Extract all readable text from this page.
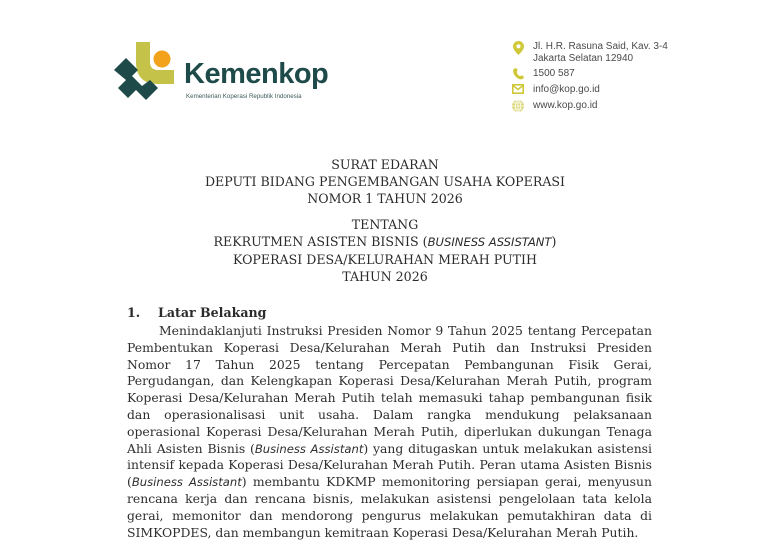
Kemenkop
Kementerian Koperasi Republik Indonesia
Jl. H.R. Rasuna Said, Kav. 3-4
Jakarta Selatan 12940
1500 587
info@kop.go.id
www.kop.go.id
SURAT EDARAN
DEPUTI BIDANG PENGEMBANGAN USAHA KOPERASI
NOMOR 1 TAHUN 2026
TENTANG
REKRUTMEN ASISTEN BISNIS (BUSINESS ASSISTANT)
KOPERASI DESA/KELURAHAN MERAH PUTIH
TAHUN 2026
1. Latar Belakang

Menindaklanjuti Instruksi Presiden Nomor 9 Tahun 2025 tentang Percepatan Pembentukan Koperasi Desa/Kelurahan Merah Putih dan Instruksi Presiden Nomor 17 Tahun 2025 tentang Percepatan Pembangunan Fisik Gerai, Pergudangan, dan Kelengkapan Koperasi Desa/Kelurahan Merah Putih, program Koperasi Desa/Kelurahan Merah Putih telah memasuki tahap pembangunan fisik dan operasionalisasi unit usaha. Dalam rangka mendukung pelaksanaan operasional Koperasi Desa/Kelurahan Merah Putih, diperlukan dukungan Tenaga Ahli Asisten Bisnis (Business Assistant) yang ditugaskan untuk melakukan asistensi intensif kepada Koperasi Desa/Kelurahan Merah Putih. Peran utama Asisten Bisnis (Business Assistant) membantu KDKMP memonitoring persiapan gerai, menyusun rencana kerja dan rencana bisnis, melakukan asistensi pengelolaan tata kelola gerai, memonitor dan mendorong pengurus melakukan pemutakhiran data di SIMKOPDES, dan membangun kemitraan Koperasi Desa/Kelurahan Merah Putih.
